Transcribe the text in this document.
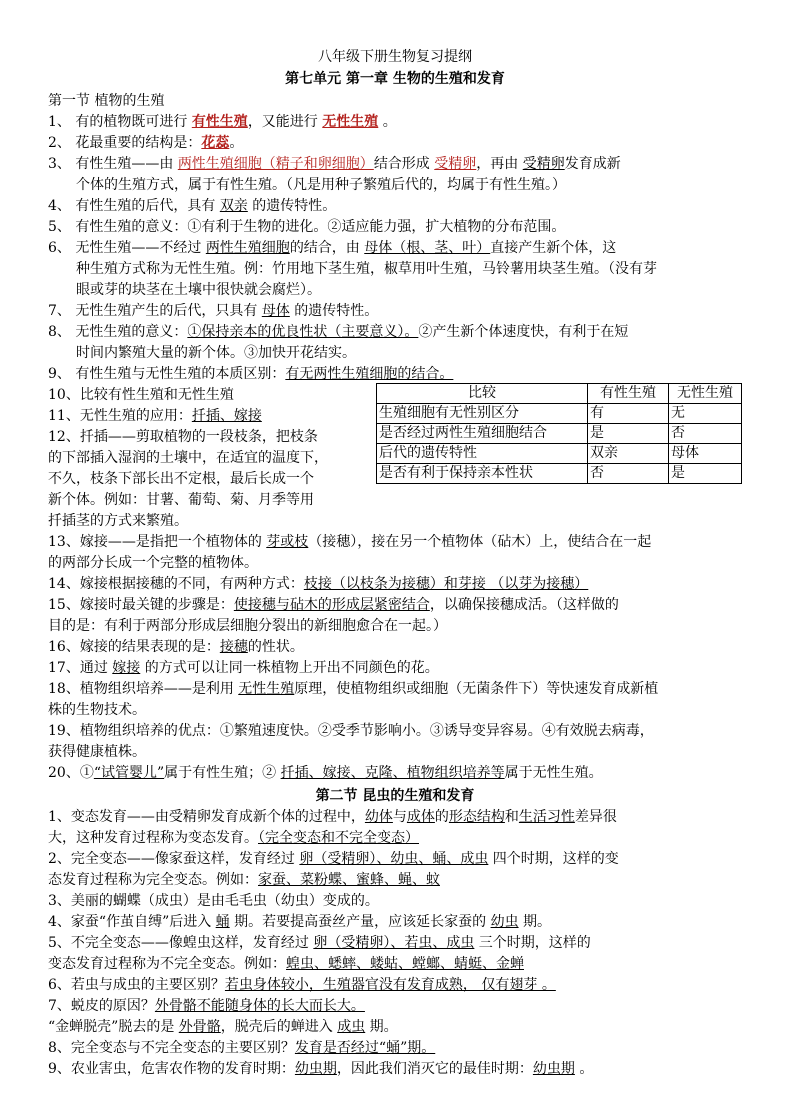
八年级下册生物复习提纲
第七单元 第一章 生物的生殖和发育
第一节 植物的生殖
1、 有的植物既可进行 有性生殖，又能进行 无性生殖 。
2、 花最重要的结构是：花蕊。
3、 有性生殖——由 两性生殖细胞（精子和卵细胞）结合形成 受精卵，再由 受精卵发育成新
个体的生殖方式，属于有性生殖。（凡是用种子繁殖后代的，均属于有性生殖。）
4、 有性生殖的后代，具有 双亲 的遗传特性。
5、 有性生殖的意义：①有利于生物的进化。②适应能力强，扩大植物的分布范围。
6、 无性生殖——不经过 两性生殖细胞的结合，由 母体（根、茎、叶）直接产生新个体，这
种生殖方式称为无性生殖。例：竹用地下茎生殖，椒草用叶生殖，马铃薯用块茎生殖。（没有芽
眼或芽的块茎在土壤中很快就会腐烂）。
7、 无性生殖产生的后代，只具有 母体 的遗传特性。
8、 无性生殖的意义：①保持亲本的优良性状（主要意义）。②产生新个体速度快，有利于在短
时间内繁殖大量的新个体。③加快开花结实。
9、 有性生殖与无性生殖的本质区别：有无两性生殖细胞的结合。
10、比较有性生殖和无性生殖	比较	有性生殖	无性生殖
生殖细胞有无性别区分	有	无
是否经过两性生殖细胞结合	是	否
后代的遗传特性	双亲	母体
是否有利于保持亲本性状	否	是
11、无性生殖的应用：扦插、嫁接
12、扦插——剪取植物的一段枝条，把枝条
的下部插入湿润的土壤中，在适宜的温度下，
不久，枝条下部长出不定根，最后长成一个
新个体。例如：甘薯、葡萄、菊、月季等用
扦插茎的方式来繁殖。
13、嫁接——是指把一个植物体的 芽或枝（接穗），接在另一个植物体（砧木）上，使结合在一起
的两部分长成一个完整的植物体。
14、嫁接根据接穗的不同，有两种方式：枝接（以枝条为接穗）和芽接 （以芽为接穗）
15、嫁接时最关键的步骤是：使接穗与砧木的形成层紧密结合，以确保接穗成活。（这样做的
目的是：有利于两部分形成层细胞分裂出的新细胞愈合在一起。）
16、嫁接的结果表现的是：接穗的性状。
17、通过 嫁接 的方式可以让同一株植物上开出不同颜色的花。
18、植物组织培养——是利用 无性生殖原理，使植物组织或细胞（无菌条件下）等快速发育成新植
株的生物技术。
19、植物组织培养的优点：①繁殖速度快。②受季节影响小。③诱导变异容易。④有效脱去病毒，
获得健康植株。
20、①“试管婴儿”属于有性生殖；② 扦插、嫁接、克隆、植物组织培养等属于无性生殖。
第二节 昆虫的生殖和发育
1、变态发育——由受精卵发育成新个体的过程中，幼体与成体的形态结构和生活习性差异很
大，这种发育过程称为变态发育。（完全变态和不完全变态）
2、完全变态——像家蚕这样，发育经过 卵（受精卵）、幼虫、蛹、成虫 四个时期，这样的变
态发育过程称为完全变态。例如：家蚕、菜粉蝶、蜜蜂、蝇、蚊
3、美丽的蝴蝶（成虫）是由毛毛虫（幼虫）变成的。
4、家蚕“作茧自缚”后进入 蛹 期。若要提高蚕丝产量，应该延长家蚕的 幼虫 期。
5、不完全变态——像蝗虫这样，发育经过 卵（受精卵）、若虫、成虫 三个时期，这样的
变态发育过程称为不完全变态。例如：蝗虫、蟋蟀、蝼蛄、螳螂、蜻蜓、金蝉
6、若虫与成虫的主要区别？若虫身体较小，生殖器官没有发育成熟， 仅有翅芽 。
7、蜕皮的原因？外骨骼不能随身体的长大而长大。
“金蝉脱壳”脱去的是 外骨骼，脱壳后的蝉进入 成虫 期。
8、完全变态与不完全变态的主要区别？发育是否经过“蛹”期。
9、农业害虫，危害农作物的发育时期：幼虫期，因此我们消灭它的最佳时期：幼虫期 。
